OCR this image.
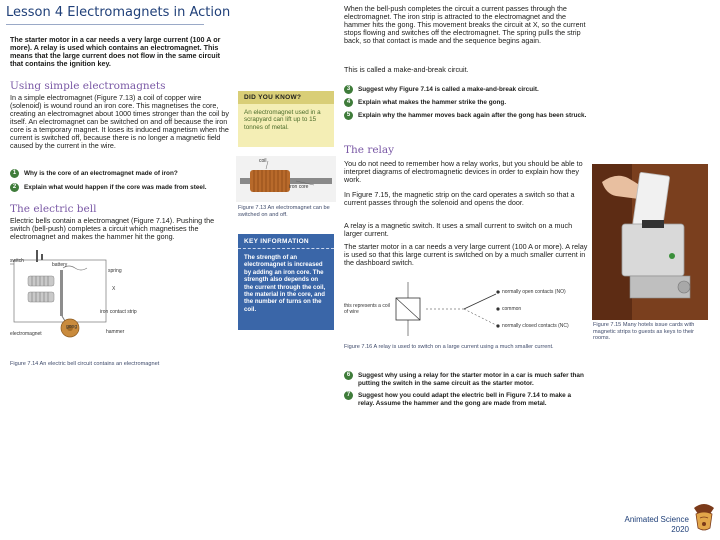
Lesson 4 Electromagnets in Action
The starter motor in a car needs a very large current (100 A or more). A relay is used which contains an electromagnet. This means that the large current does not flow in the same circuit that contains the ignition key.
Using simple electromagnets
In a simple electromagnet (Figure 7.13) a coil of copper wire (solenoid) is wound round an iron core. This magnetises the core, creating an electromagnet about 1000 times stronger than the coil by itself. An electromagnet can be switched on and off because the iron core is a temporary magnet. It loses its induced magnetism when the current is switched off, because there is no longer a magnetic field caused by the current in the wire.
1	Why is the core of an electromagnet made of iron?
2	Explain what would happen if the core was made from steel.
The electric bell
Electric bells contain a electromagnet (Figure 7.14). Pushing the switch (bell-push) completes a circuit which magnetises the electromagnet and makes the hammer hit the gong.
switch
battery
spring
X
iron contact strip
electromagnet
gong
hammer
Figure 7.14 An electric bell circuit contains an electromagnet
DID YOU KNOW?
An electromagnet used in a scrapyard can lift up to 15 tonnes of metal.
coil
iron core
Figure 7.13 An electromagnet can be switched on and off.
KEY INFORMATION
The strength of an electromagnet is increased by adding an iron core. The strength also depends on the current through the coil, the material in the core, and the number of turns on the coil.
When the bell-push completes the circuit a current passes through the electromagnet. The iron strip is attracted to the electromagnet and the hammer hits the gong. This movement breaks the circuit at X, so the current stops flowing and switches off the electromagnet. The spring pulls the strip back, so that contact is made and the sequence begins again.
This is called a make-and-break circuit.
3	Suggest why Figure 7.14 is called a make-and-break circuit.
4	Explain what makes the hammer strike the gong.
5	Explain why the hammer moves back again after the gong has been struck.
The relay
You do not need to remember how a relay works, but you should be able to interpret diagrams of electromagnetic devices in order to explain how they work.
In Figure 7.15, the magnetic strip on the card operates a switch so that a current passes through the solenoid and opens the door.
A relay is a magnetic switch. It uses a small current to switch on a much larger current.
The starter motor in a car needs a very large current (100 A or more). A relay is used so that this large current is switched on by a much smaller current in the dashboard switch.
this represents a coil of wire
normally open contacts (NO)
common
normally closed contacts (NC)
Figure 7.16 A relay is used to switch on a large current using a much smaller current.
6	Suggest why using a relay for the starter motor in a car is much safer than putting the switch in the same circuit as the starter motor.
7	Suggest how you could adapt the electric bell in Figure 7.14 to make a relay. Assume the hammer and the gong are made from metal.
Figure 7.15 Many hotels issue cards with magnetic strips to guests as keys to their rooms.
Animated Science
2020
